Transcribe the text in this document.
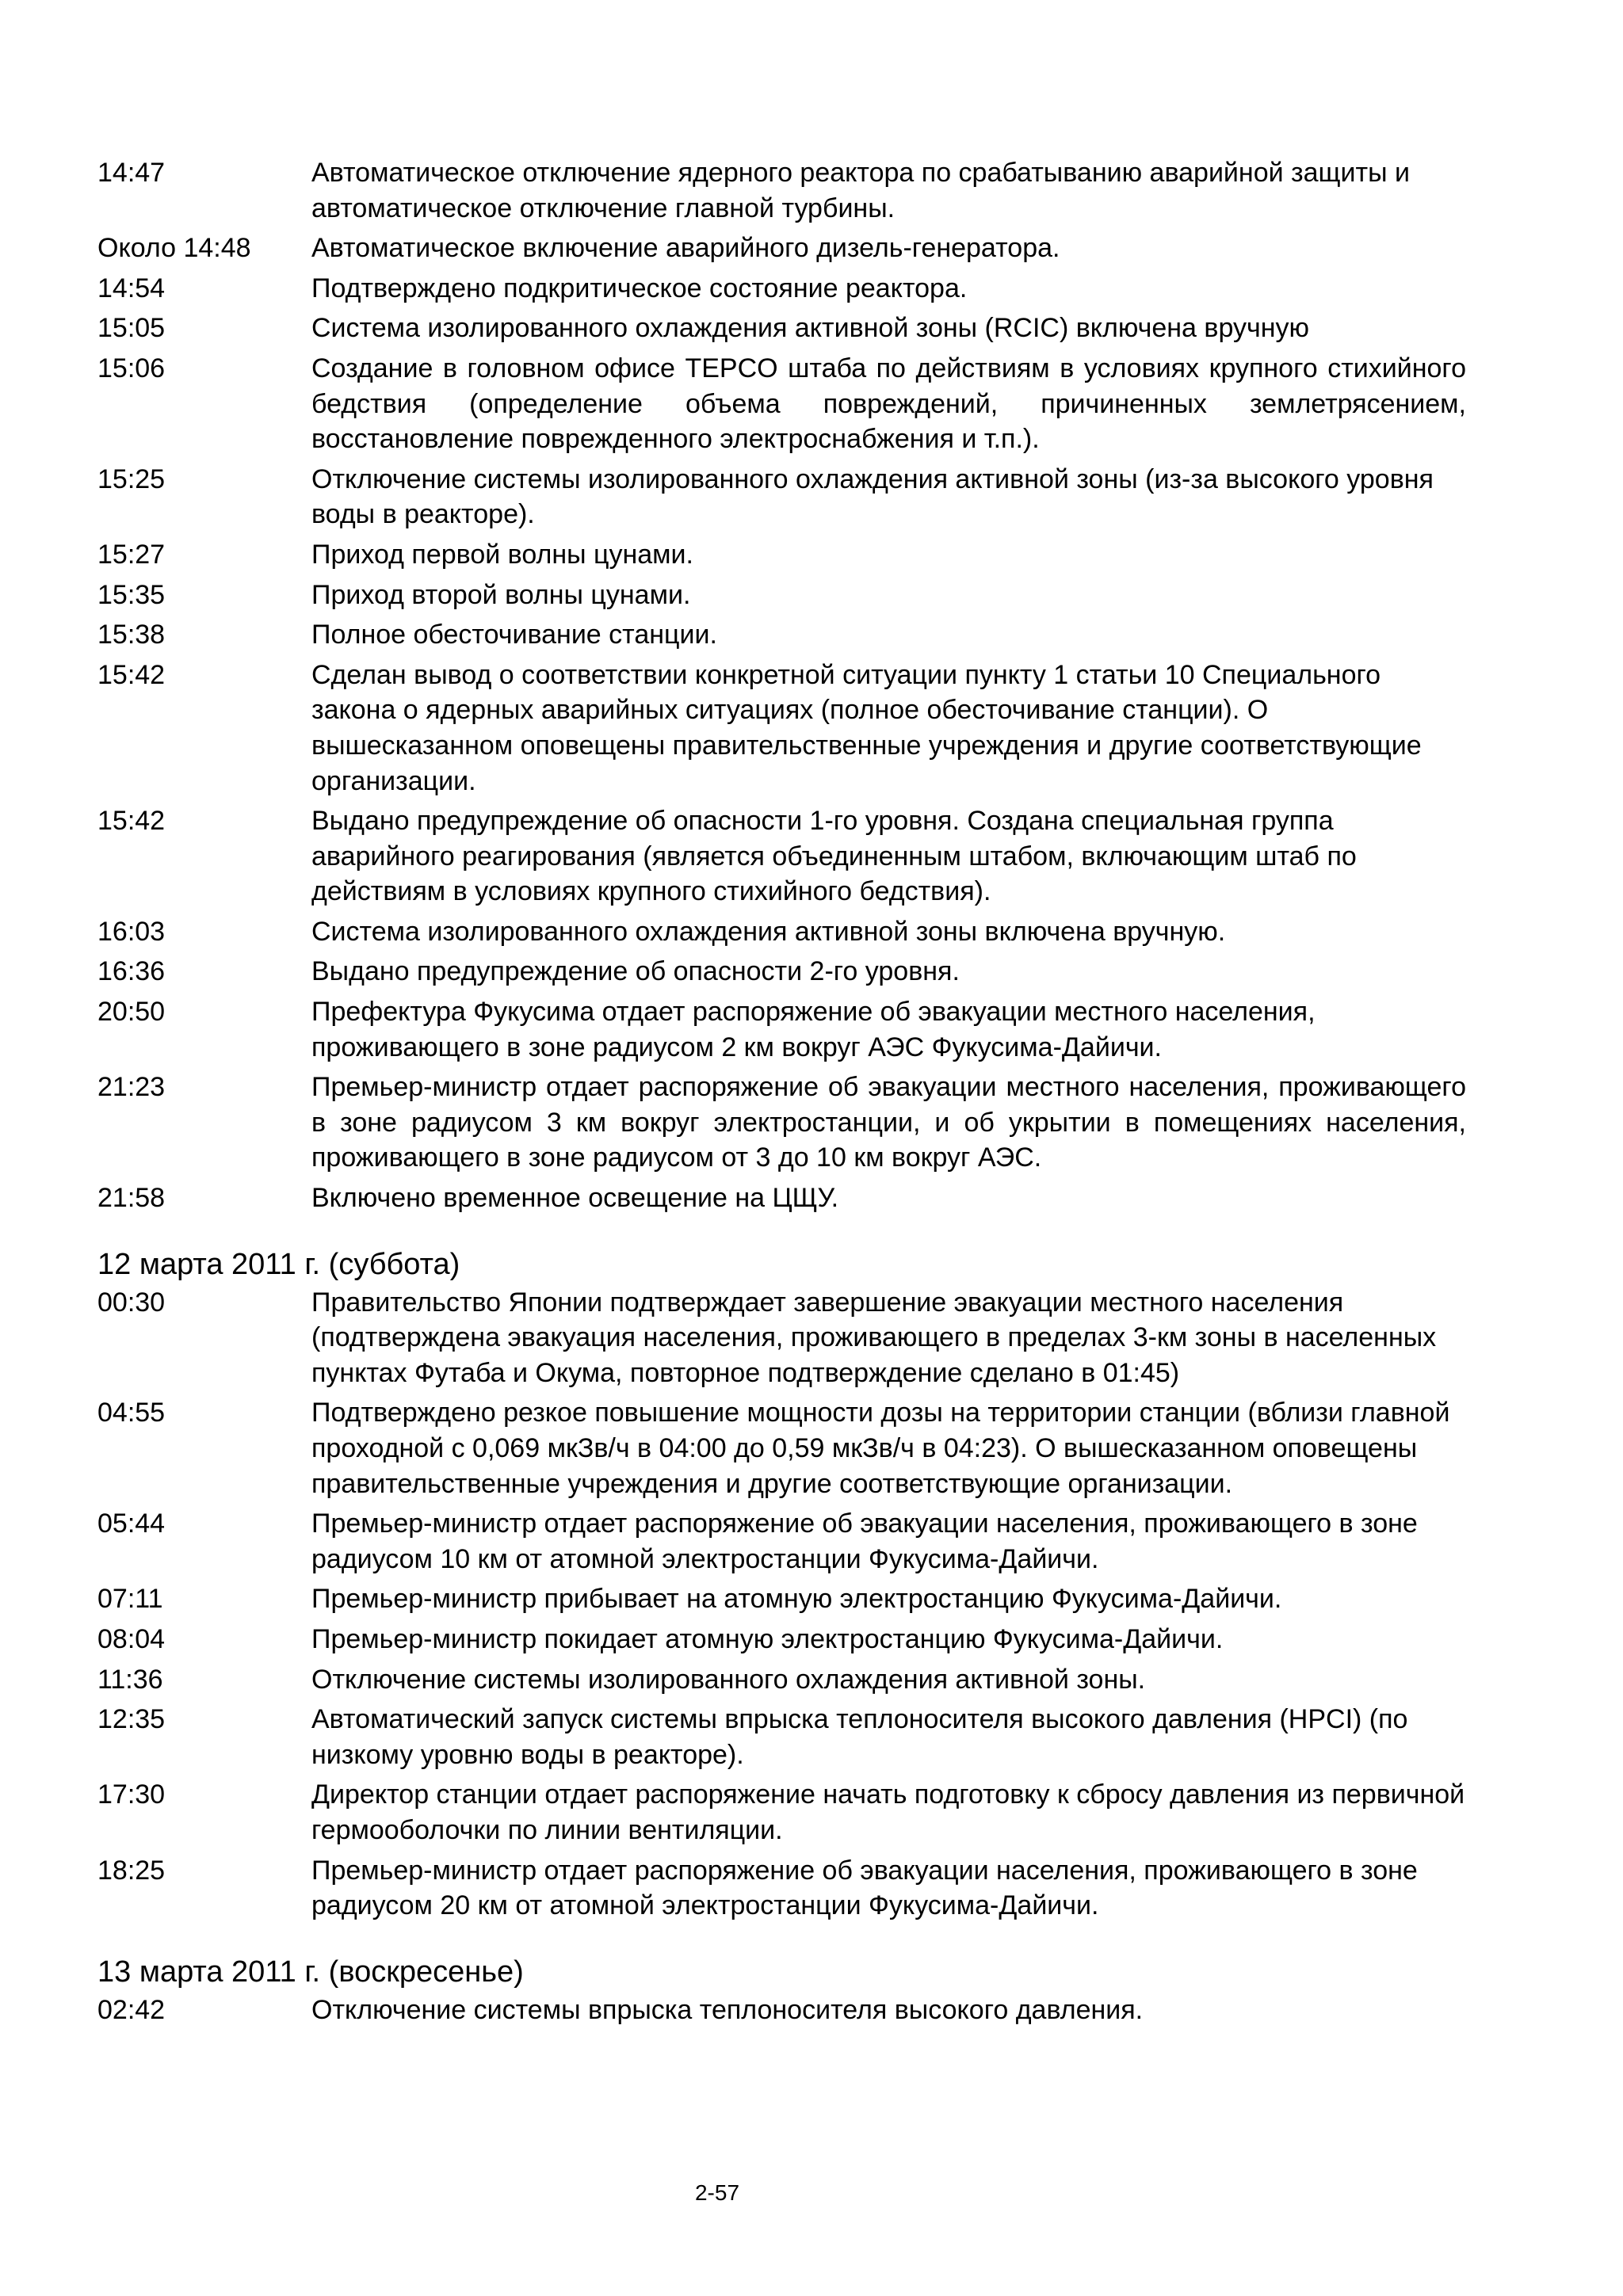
14:47	Автоматическое отключение ядерного реактора по срабатыванию аварийной защиты и автоматическое отключение главной турбины.
Около 14:48	Автоматическое включение аварийного дизель-генератора.
14:54	Подтверждено подкритическое состояние реактора.
15:05	Система изолированного охлаждения активной зоны (RCIC) включена вручную
15:06	Создание в головном офисе TEPCO штаба по действиям в условиях крупного стихийного бедствия (определение объема повреждений, причиненных землетрясением, восстановление поврежденного электроснабжения и т.п.).
15:25	Отключение системы изолированного охлаждения активной зоны (из-за высокого уровня воды в реакторе).
15:27	Приход первой волны цунами.
15:35	Приход второй волны цунами.
15:38	Полное обесточивание станции.
15:42	Сделан вывод о соответствии конкретной ситуации пункту 1 статьи 10 Специального закона о ядерных аварийных ситуациях (полное обесточивание станции). О вышесказанном оповещены правительственные учреждения и другие соответствующие организации.
15:42	Выдано предупреждение об опасности 1-го уровня. Создана специальная группа аварийного реагирования (является объединенным штабом, включающим штаб по действиям в условиях крупного стихийного бедствия).
16:03	Система изолированного охлаждения активной зоны включена вручную.
16:36	Выдано предупреждение об опасности 2-го уровня.
20:50	Префектура Фукусима отдает распоряжение об эвакуации местного населения, проживающего в зоне радиусом 2 км вокруг АЭС Фукусима-Дайичи.
21:23	Премьер-министр отдает распоряжение об эвакуации местного населения, проживающего в зоне радиусом 3 км вокруг электростанции, и об укрытии в помещениях населения, проживающего в зоне радиусом от 3 до 10 км вокруг АЭС.
21:58	Включено временное освещение на ЦЩУ.
12 марта 2011 г. (суббота)
00:30	Правительство Японии подтверждает завершение эвакуации местного населения (подтверждена эвакуация населения, проживающего в пределах 3-км зоны в населенных пунктах Футаба и Окума, повторное подтверждение сделано в 01:45)
04:55	Подтверждено резкое повышение мощности дозы на территории станции (вблизи главной проходной с 0,069 мкЗв/ч в 04:00 до 0,59 мкЗв/ч в 04:23). О вышесказанном оповещены правительственные учреждения и другие соответствующие организации.
05:44	Премьер-министр отдает распоряжение об эвакуации населения, проживающего в зоне радиусом 10 км от атомной электростанции Фукусима-Дайичи.
07:11	Премьер-министр прибывает на атомную электростанцию Фукусима-Дайичи.
08:04	Премьер-министр покидает атомную электростанцию Фукусима-Дайичи.
11:36	Отключение системы изолированного охлаждения активной зоны.
12:35	Автоматический запуск системы впрыска теплоносителя высокого давления (HPCI) (по низкому уровню воды в реакторе).
17:30	Директор станции отдает распоряжение начать подготовку к сбросу давления из первичной гермооболочки по линии вентиляции.
18:25	Премьер-министр отдает распоряжение об эвакуации населения, проживающего в зоне радиусом 20 км от атомной электростанции Фукусима-Дайичи.
13 марта 2011 г. (воскресенье)
02:42	Отключение системы впрыска теплоносителя высокого давления.
2-57
